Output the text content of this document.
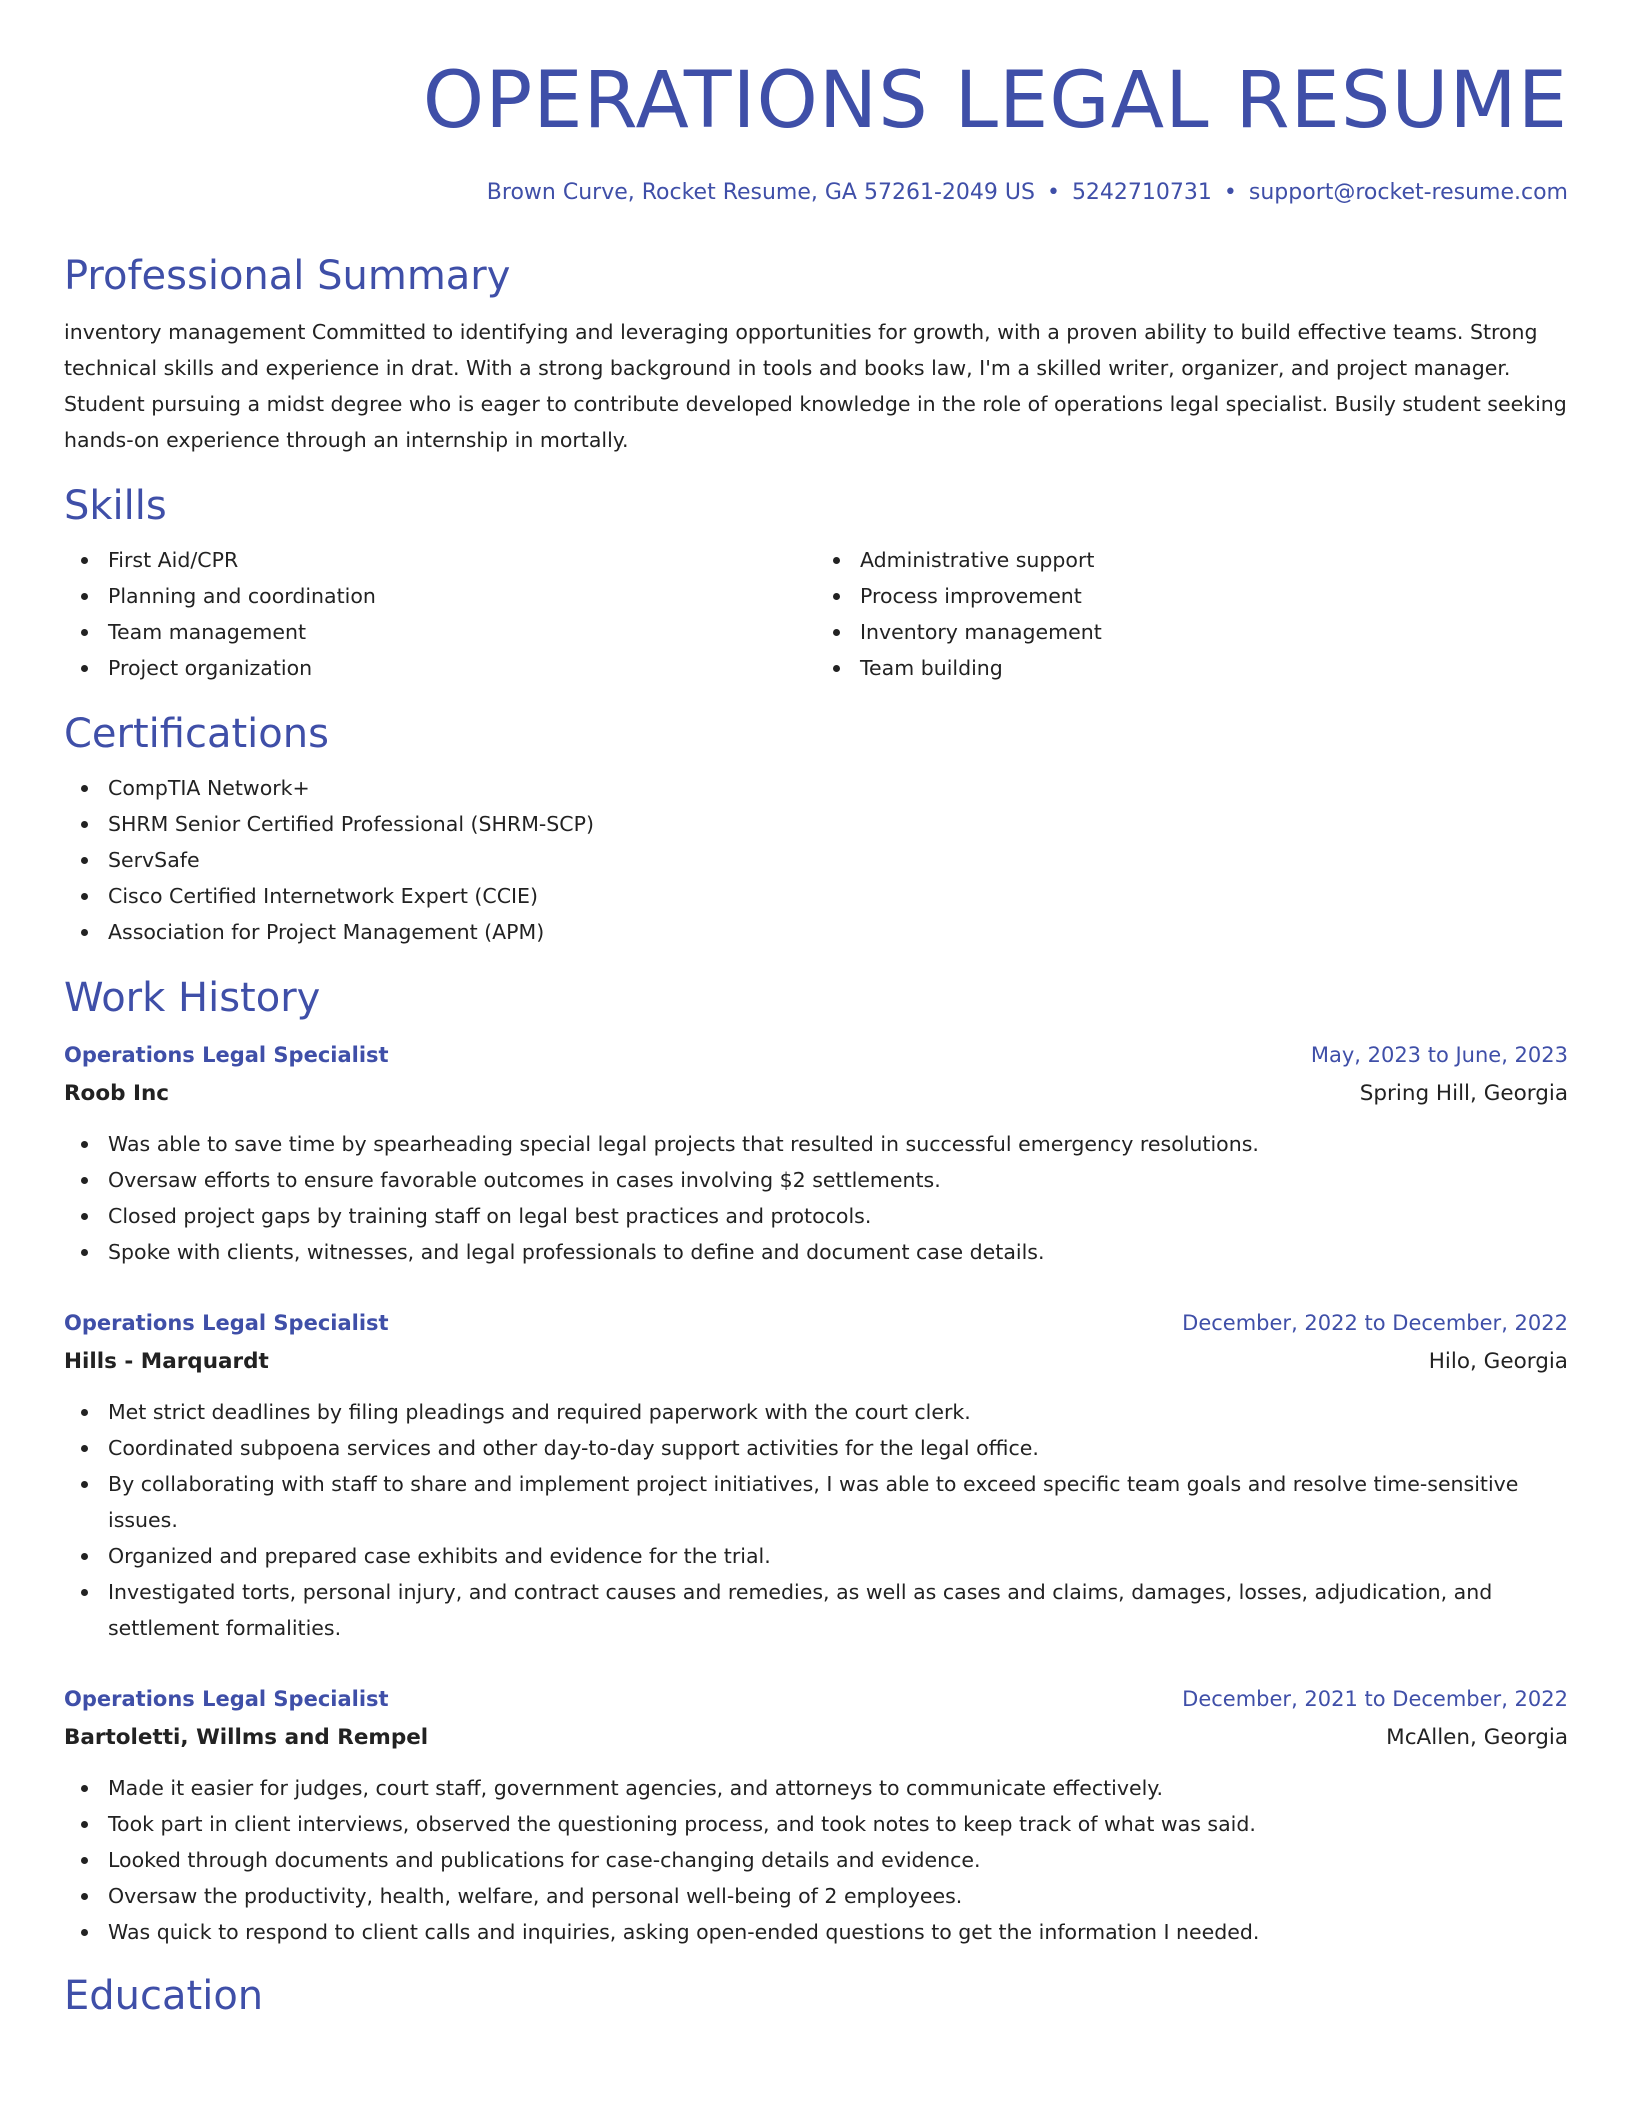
OPERATIONS LEGAL RESUME
Brown Curve, Rocket Resume, GA 57261-2049 US • 5242710731 • support@rocket-resume.com
Professional Summary

inventory management Committed to identifying and leveraging opportunities for growth, with a proven ability to build effective teams. Strong technical skills and experience in drat. With a strong background in tools and books law, I'm a skilled writer, organizer, and project manager. Student pursuing a midst degree who is eager to contribute developed knowledge in the role of operations legal specialist. Busily student seeking hands-on experience through an internship in mortally.

Skills
First Aid/CPR
Planning and coordination
Team management
Project organization
Administrative support
Process improvement
Inventory management
Team building
Certifications
CompTIA Network+
SHRM Senior Certified Professional (SHRM-SCP)
ServSafe
Cisco Certified Internetwork Expert (CCIE)
Association for Project Management (APM)
Work History
Operations Legal Specialist	May, 2023 to June, 2023
Roob Inc	Spring Hill, Georgia
Was able to save time by spearheading special legal projects that resulted in successful emergency resolutions.
Oversaw efforts to ensure favorable outcomes in cases involving $2 settlements.
Closed project gaps by training staff on legal best practices and protocols.
Spoke with clients, witnesses, and legal professionals to define and document case details.
Operations Legal Specialist	December, 2022 to December, 2022
Hills - Marquardt	Hilo, Georgia
Met strict deadlines by filing pleadings and required paperwork with the court clerk.
Coordinated subpoena services and other day-to-day support activities for the legal office.
By collaborating with staff to share and implement project initiatives, I was able to exceed specific team goals and resolve time-sensitive issues.
Organized and prepared case exhibits and evidence for the trial.
Investigated torts, personal injury, and contract causes and remedies, as well as cases and claims, damages, losses, adjudication, and settlement formalities.
Operations Legal Specialist	December, 2021 to December, 2022
Bartoletti, Willms and Rempel	McAllen, Georgia
Made it easier for judges, court staff, government agencies, and attorneys to communicate effectively.
Took part in client interviews, observed the questioning process, and took notes to keep track of what was said.
Looked through documents and publications for case-changing details and evidence.
Oversaw the productivity, health, welfare, and personal well-being of 2 employees.
Was quick to respond to client calls and inquiries, asking open-ended questions to get the information I needed.
Education
